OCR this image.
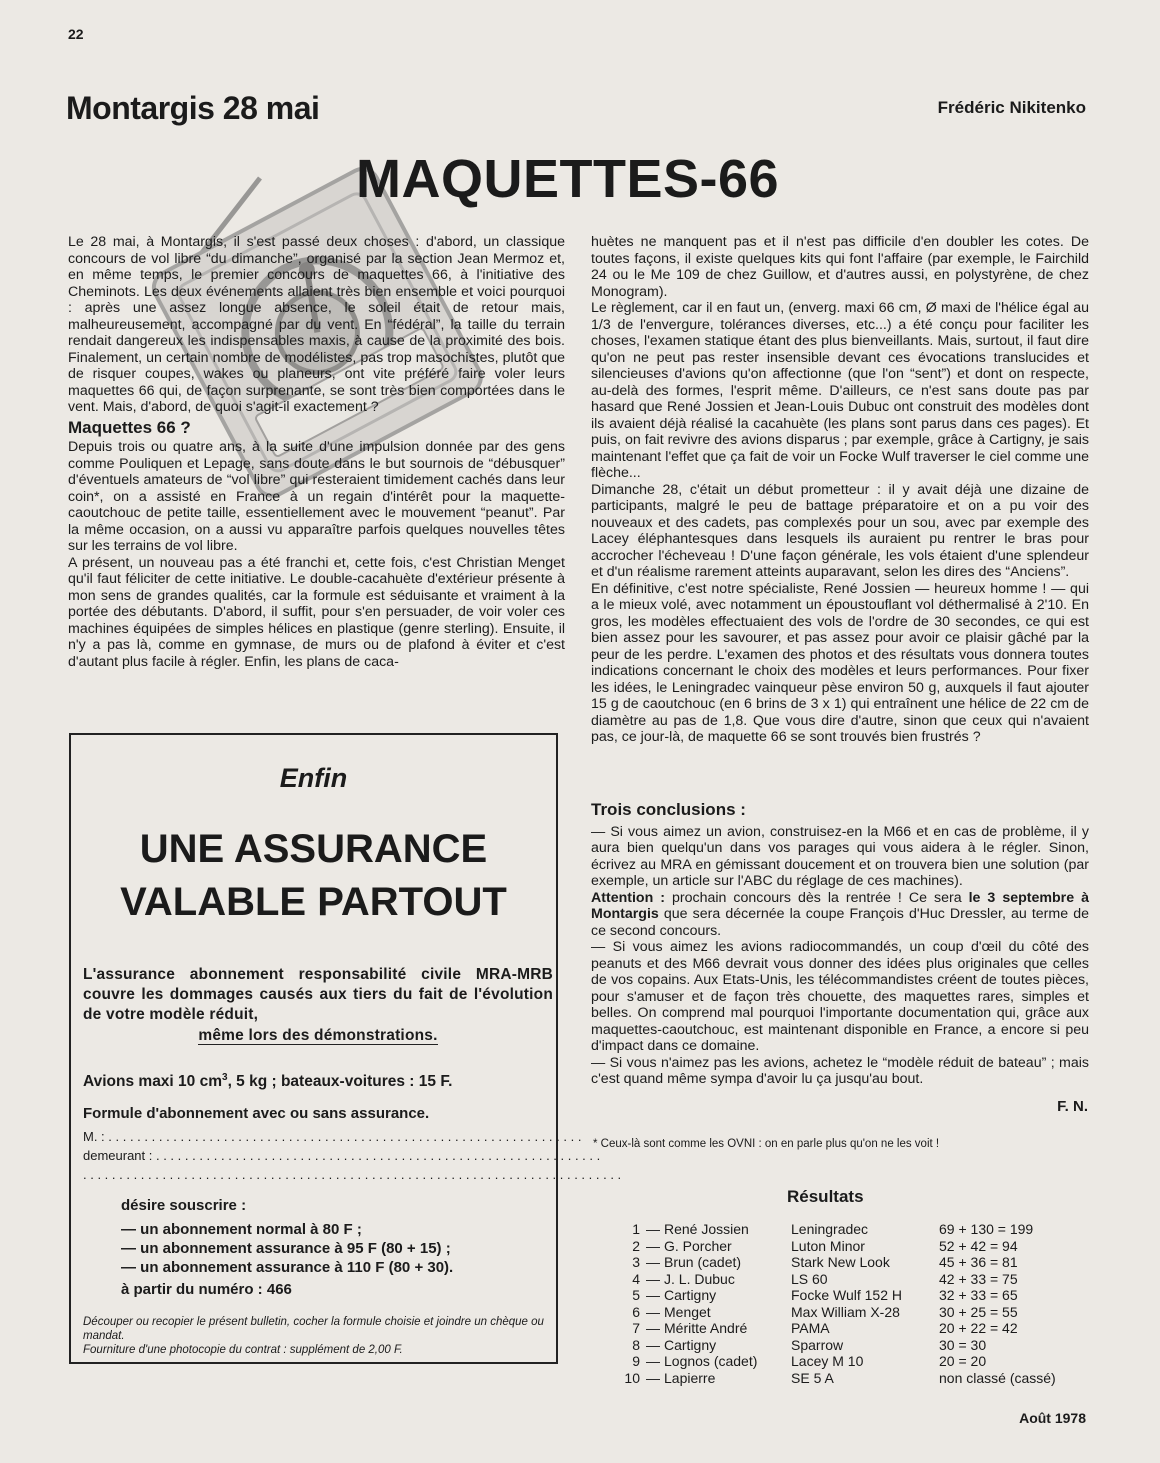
22
Montargis 28 mai	Frédéric Nikitenko
MAQUETTES-66

Le 28 mai, à Montargis, il s'est passé deux choses : d'abord, un classique concours de vol libre “du dimanche”, organisé par la section Jean Mermoz et, en même temps, le premier concours de maquettes 66, à l'initiative des Cheminots. Les deux événements allaient très bien ensemble et voici pourquoi : après une assez longue absence, le soleil était de retour mais, malheureusement, accompagné par du vent. En “fédéral”, la taille du terrain rendait dangereux les indispensables maxis, à cause de la proximité des bois. Finalement, un certain nombre de modélistes, pas trop masochistes, plutôt que de risquer coupes, wakes ou planeurs, ont vite préféré faire voler leurs maquettes 66 qui, de façon surprenante, se sont très bien comportées dans le vent. Mais, d'abord, de quoi s'agit-il exactement ?

Maquettes 66 ?

Depuis trois ou quatre ans, à la suite d'une impulsion donnée par des gens comme Pouliquen et Lepage, sans doute dans le but sournois de “débusquer” d'éventuels amateurs de “vol libre” qui resteraient timidement cachés dans leur coin*, on a assisté en France à un regain d'intérêt pour la maquette-caoutchouc de petite taille, essentiellement avec le mouvement “peanut”. Par la même occasion, on a aussi vu apparaître parfois quelques nouvelles têtes sur les terrains de vol libre.

A présent, un nouveau pas a été franchi et, cette fois, c'est Christian Menget qu'il faut féliciter de cette initiative. Le double-cacahuète d'extérieur présente à mon sens de grandes qualités, car la formule est séduisante et vraiment à la portée des débutants. D'abord, il suffit, pour s'en persuader, de voir voler ces machines équipées de simples hélices en plastique (genre sterling). Ensuite, il n'y a pas là, comme en gymnase, de murs ou de plafond à éviter et c'est d'autant plus facile à régler. Enfin, les plans de caca-

huètes ne manquent pas et il n'est pas difficile d'en doubler les cotes. De toutes façons, il existe quelques kits qui font l'affaire (par exemple, le Fairchild 24 ou le Me 109 de chez Guillow, et d'autres aussi, en polystyrène, de chez Monogram).

Le règlement, car il en faut un, (enverg. maxi 66 cm, Ø maxi de l'hélice égal au 1/3 de l'envergure, tolérances diverses, etc...) a été conçu pour faciliter les choses, l'examen statique étant des plus bienveillants. Mais, surtout, il faut dire qu'on ne peut pas rester insensible devant ces évocations translucides et silencieuses d'avions qu'on affectionne (que l'on “sent”) et dont on respecte, au-delà des formes, l'esprit même. D'ailleurs, ce n'est sans doute pas par hasard que René Jossien et Jean-Louis Dubuc ont construit des modèles dont ils avaient déjà réalisé la cacahuète (les plans sont parus dans ces pages). Et puis, on fait revivre des avions disparus ; par exemple, grâce à Cartigny, je sais maintenant l'effet que ça fait de voir un Focke Wulf traverser le ciel comme une flèche...

Dimanche 28, c'était un début prometteur : il y avait déjà une dizaine de participants, malgré le peu de battage préparatoire et on a pu voir des nouveaux et des cadets, pas complexés pour un sou, avec par exemple des Lacey éléphantesques dans lesquels ils auraient pu rentrer le bras pour accrocher l'écheveau ! D'une façon générale, les vols étaient d'une splendeur et d'un réalisme rarement atteints auparavant, selon les dires des “Anciens”.

En définitive, c'est notre spécialiste, René Jossien — heureux homme ! — qui a le mieux volé, avec notamment un époustouflant vol déthermalisé à 2'10. En gros, les modèles effectuaient des vols de l'ordre de 30 secondes, ce qui est bien assez pour les savourer, et pas assez pour avoir ce plaisir gâché par la peur de les perdre. L'examen des photos et des résultats vous donnera toutes indications concernant le choix des modèles et leurs performances. Pour fixer les idées, le Leningradec vainqueur pèse environ 50 g, auxquels il faut ajouter 15 g de caoutchouc (en 6 brins de 3 x 1) qui entraînent une hélice de 22 cm de diamètre au pas de 1,8. Que vous dire d'autre, sinon que ceux qui n'avaient pas, ce jour-là, de maquette 66 se sont trouvés bien frustrés ?

Trois conclusions :

— Si vous aimez un avion, construisez-en la M66 et en cas de problème, il y aura bien quelqu'un dans vos parages qui vous aidera à le régler. Sinon, écrivez au MRA en gémissant doucement et on trouvera bien une solution (par exemple, un article sur l'ABC du réglage de ces machines).

Attention : prochain concours dès la rentrée ! Ce sera le 3 septembre à Montargis que sera décernée la coupe François d'Huc Dressler, au terme de ce second concours.

— Si vous aimez les avions radiocommandés, un coup d'œil du côté des peanuts et des M66 devrait vous donner des idées plus originales que celles de vos copains. Aux Etats-Unis, les télécommandistes créent de toutes pièces, pour s'amuser et de façon très chouette, des maquettes rares, simples et belles. On comprend mal pourquoi l'importante documentation qui, grâce aux maquettes-caoutchouc, est maintenant disponible en France, a encore si peu d'impact dans ce domaine.

— Si vous n'aimez pas les avions, achetez le “modèle réduit de bateau” ; mais c'est quand même sympa d'avoir lu ça jusqu'au bout.

F. N.
* Ceux-là sont comme les OVNI : on en parle plus qu'on ne les voit !
Résultats
1	—	René Jossien	Leningradec	69 + 130 = 199
2	—	G. Porcher	Luton Minor	52 + 42 = 94
3	—	Brun (cadet)	Stark New Look	45 + 36 = 81
4	—	J. L. Dubuc	LS 60	42 + 33 = 75
5	—	Cartigny	Focke Wulf 152 H	32 + 33 = 65
6	—	Menget	Max William X-28	30 + 25 = 55
7	—	Méritte André	PAMA	20 + 22 = 42
8	—	Cartigny	Sparrow	30 = 30
9	—	Lognos (cadet)	Lacey M 10	20 = 20
10	—	Lapierre	SE 5 A	non classé (cassé)
Enfin
UNE ASSURANCE
VALABLE PARTOUT
L'assurance abonnement responsabilité civile MRA-MRB couvre les dommages causés aux tiers du fait de l'évolution de votre modèle réduit,
même lors des démonstrations.
Avions maxi 10 $cm^3$, 5 kg ; bateaux-voitures : 15 F.
Formule d'abonnement avec ou sans assurance.
M. : . . . . . . . . . . . . . . . . . . . . . . . . . . . . . . . . . . . . . . . . . . . . . . . . . . . . . . . . . . . . . . . . . .
demeurant : . . . . . . . . . . . . . . . . . . . . . . . . . . . . . . . . . . . . . . . . . . . . . . . . . . . . . . . . . . . . . .
. . . . . . . . . . . . . . . . . . . . . . . . . . . . . . . . . . . . . . . . . . . . . . . . . . . . . . . . . . . . . . . . . . . . . . . . . . .
désire souscrire :
— un abonnement normal à 80 F ;
— un abonnement assurance à 95 F (80 + 15) ;
— un abonnement assurance à 110 F (80 + 30).
à partir du numéro : 466
Découper ou recopier le présent bulletin, cocher la formule choisie et joindre un chèque ou mandat.
Fourniture d'une photocopie du contrat : supplément de 2,00 F.
Août 1978
